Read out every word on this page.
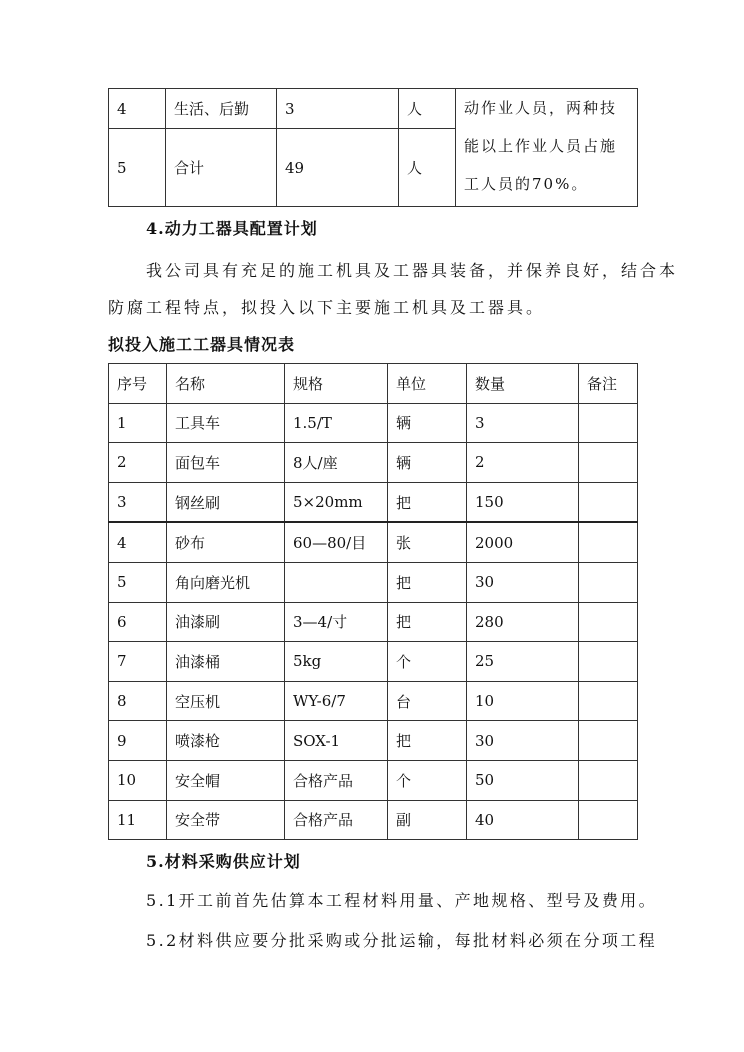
4	生活、后勤	3	人	动作业人员，两种技能以上作业人员占施工人员的70%。
5	合计	49	人	
4.动力工器具配置计划
我公司具有充足的施工机具及工器具装备，并保养良好，结合本
防腐工程特点，拟投入以下主要施工机具及工器具。
拟投入施工工器具情况表
序号	名称	规格	单位	数量	备注
1	工具车	1.5/T	辆	3	
2	面包车	8人/座	辆	2	
3	钢丝刷	5×20mm	把	150	
4	砂布	60—80/目	张	2000	
5	角向磨光机		把	30	
6	油漆刷	3—4/寸	把	280	
7	油漆桶	5kg	个	25	
8	空压机	WY-6/7	台	10	
9	喷漆枪	SOX-1	把	30	
10	安全帽	合格产品	个	50	
11	安全带	合格产品	副	40	
5.材料采购供应计划
5.1开工前首先估算本工程材料用量、产地规格、型号及费用。
5.2材料供应要分批采购或分批运输，每批材料必须在分项工程
